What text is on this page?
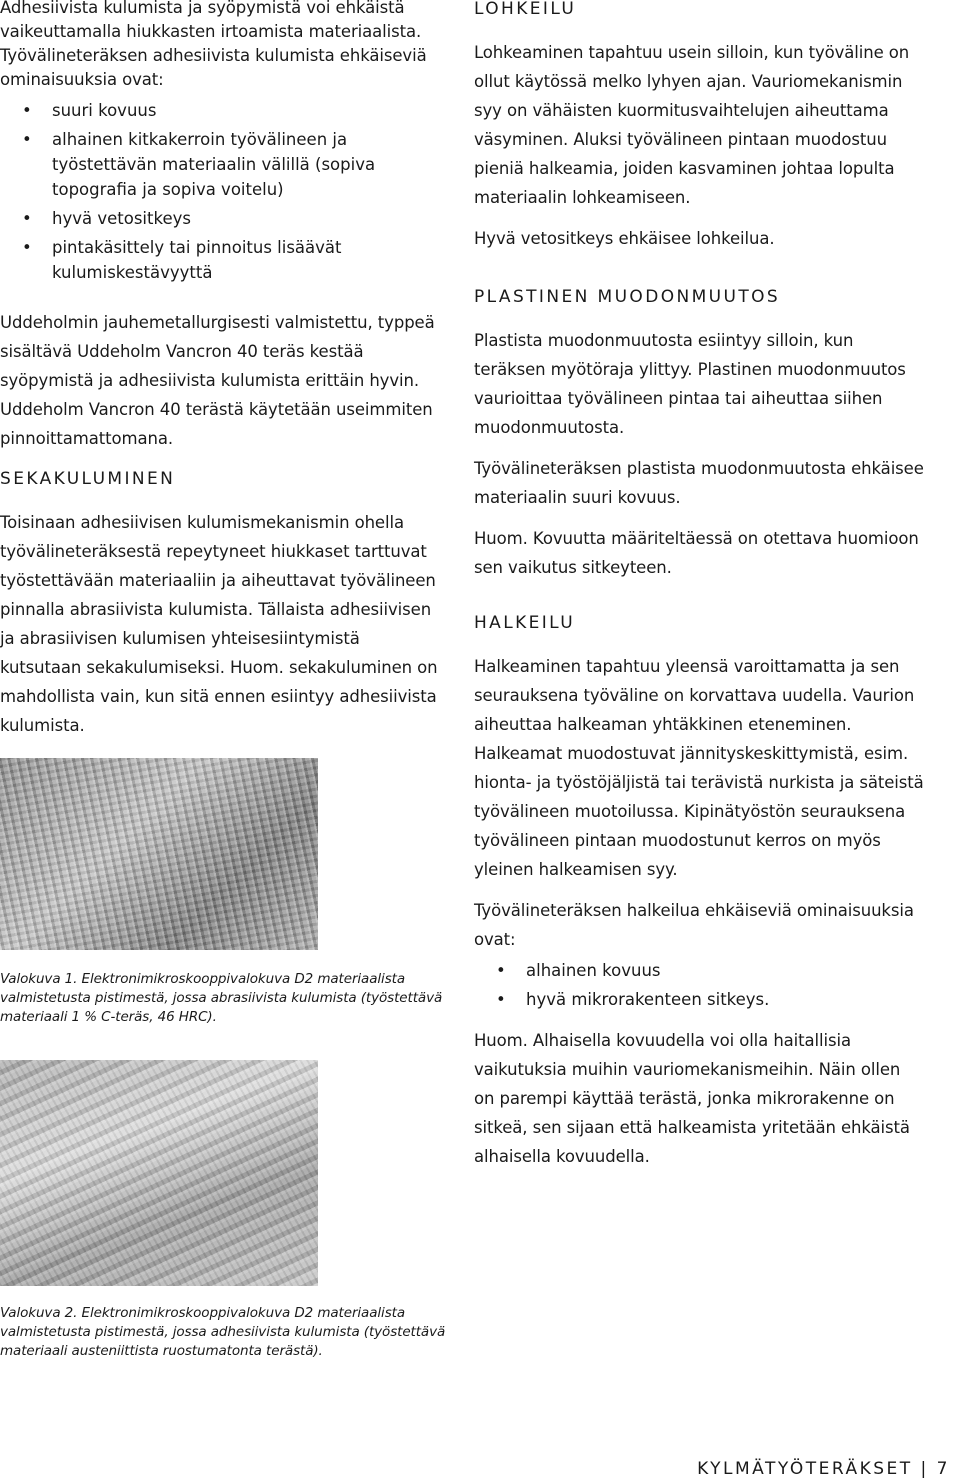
Adhesiivista kulumista ja syöpymistä voi ehkäistä

vaikeuttamalla hiukkasten irtoamista materiaalista.

Työvälineteräksen adhesiivista kulumista ehkäiseviä

ominaisuuksia ovat:

• suuri kovuus
• alhainen kitkakerroin työvälineen ja työstettävän materiaalin välillä (sopiva topografia ja sopiva voitelu)
• hyvä vetositkeys
• pintakäsittely tai pinnoitus lisäävät kulumiskestävyyttä

Uddeholmin jauhemetallurgisesti valmistettu, typpeä sisältävä Uddeholm Vancron 40 teräs kestää syöpymistä ja adhesiivista kulumista erittäin hyvin. Uddeholm Vancron 40 terästä käytetään useimmiten pinnoittamattomana.

SEKAKULUMINEN

Toisinaan adhesiivisen kulumismekanismin ohella työvälineteräksestä repeytyneet hiukkaset tarttuvat työstettävään materiaaliin ja aiheuttavat työvälineen pinnalla abrasiivista kulumista. Tällaista adhesiivisen ja abrasiivisen kulumisen yhteisesiintymistä kutsutaan sekakulumiseksi. Huom. sekakuluminen on mahdollista vain, kun sitä ennen esiintyy adhesiivista kulumista.

Valokuva 1. Elektronimikroskooppivalokuva D2 materiaalista valmistetusta pistimestä, jossa abrasiivista kulumista (työstettävä materiaali 1 % C-teräs, 46 HRC).

Valokuva 2. Elektronimikroskooppivalokuva D2 materiaalista valmistetusta pistimestä, jossa adhesiivista kulumista (työstettävä materiaali austeniittista ruostumatonta terästä).

LOHKEILU

Lohkeaminen tapahtuu usein silloin, kun työväline on ollut käytössä melko lyhyen ajan. Vauriomekanismin syy on vähäisten kuormitusvaihtelujen aiheuttama väsyminen. Aluksi työvälineen pintaan muodostuu pieniä halkeamia, joiden kasvaminen johtaa lopulta materiaalin lohkeamiseen.

Hyvä vetositkeys ehkäisee lohkeilua.

PLASTINEN MUODONMUUTOS

Plastista muodonmuutosta esiintyy silloin, kun teräksen myötöraja ylittyy. Plastinen muodonmuutos vaurioittaa työvälineen pintaa tai aiheuttaa siihen muodonmuutosta.

Työvälineteräksen plastista muodonmuutosta ehkäisee materiaalin suuri kovuus.

Huom. Kovuutta määriteltäessä on otettava huomioon sen vaikutus sitkeyteen.

HALKEILU

Halkeaminen tapahtuu yleensä varoittamatta ja sen seurauksena työväline on korvattava uudella. Vaurion aiheuttaa halkeaman yhtäkkinen eteneminen. Halkeamat muodostuvat jännityskeskittymistä, esim. hionta- ja työstöjäljistä tai terävistä nurkista ja säteistä työvälineen muotoilussa. Kipinätyöstön seurauksena työvälineen pintaan muodostunut kerros on myös yleinen halkeamisen syy.

Työvälineteräksen halkeilua ehkäiseviä ominaisuuksia ovat:

• alhainen kovuus
• hyvä mikrorakenteen sitkeys.

Huom. Alhaisella kovuudella voi olla haitallisia vaikutuksia muihin vauriomekanismeihin. Näin ollen on parempi käyttää terästä, jonka mikrorakenne on sitkeä, sen sijaan että halkeamista yritetään ehkäistä alhaisella kovuudella.

KYLMÄTYÖTERÄKSET | 7
